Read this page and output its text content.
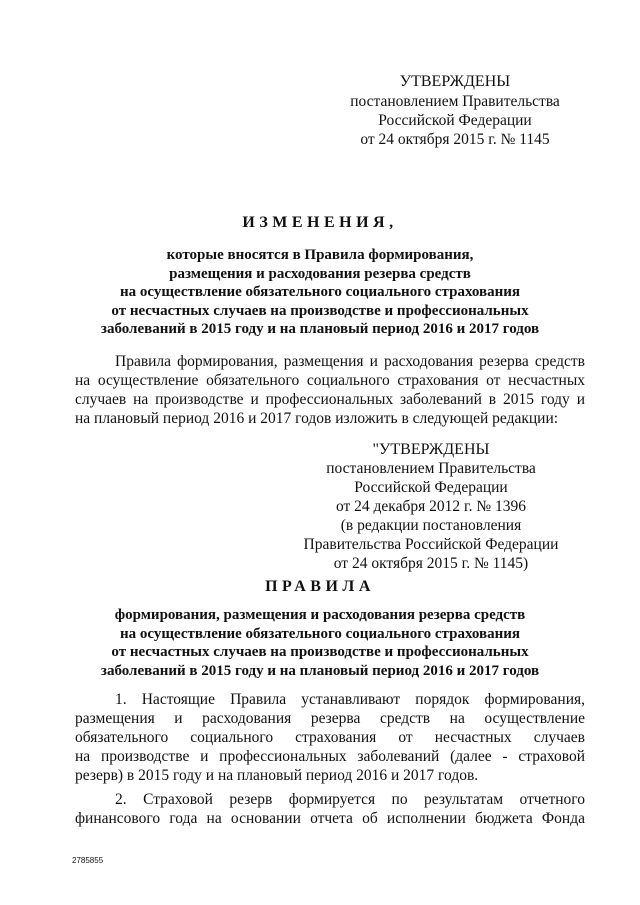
УТВЕРЖДЕНЫ
постановлением Правительства
Российской Федерации
от 24 октября 2015 г. № 1145
ИЗМЕНЕНИЯ,
которые вносятся в Правила формирования,
размещения и расходования резерва средств
на осуществление обязательного социального страхования
от несчастных случаев на производстве и профессиональных
заболеваний в 2015 году и на плановый период 2016 и 2017 годов
Правила формирования, размещения и расходования резерва средств
на осуществление обязательного социального страхования от несчастных
случаев на производстве и профессиональных заболеваний в 2015 году и
на плановый период 2016 и 2017 годов изложить в следующей редакции:
"УТВЕРЖДЕНЫ
постановлением Правительства
Российской Федерации
от 24 декабря 2012 г. № 1396
(в редакции постановления
Правительства Российской Федерации
от 24 октября 2015 г. № 1145)
ПРАВИЛА
формирования, размещения и расходования резерва средств
на осуществление обязательного социального страхования
от несчастных случаев на производстве и профессиональных
заболеваний в 2015 году и на плановый период 2016 и 2017 годов
1. Настоящие Правила устанавливают порядок формирования,
размещения и расходования резерва средств на осуществление
обязательного социального страхования от несчастных случаев
на производстве и профессиональных заболеваний (далее - страховой
резерв) в 2015 году и на плановый период 2016 и 2017 годов.
2. Страховой резерв формируется по результатам отчетного
финансового года на основании отчета об исполнении бюджета Фонда
2785855
